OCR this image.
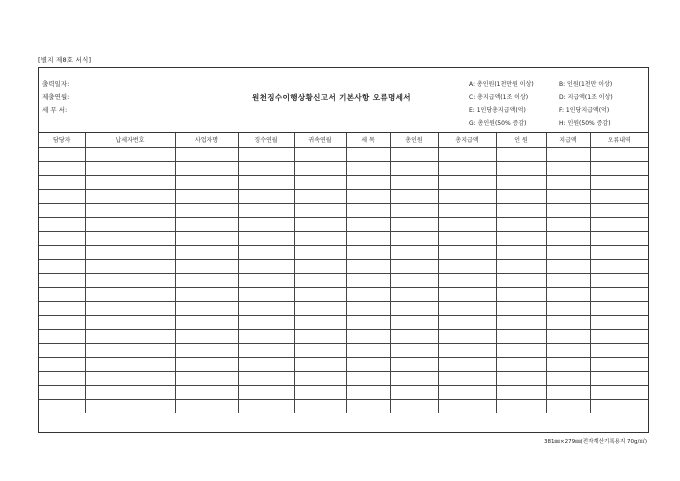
[별지 제8호 서식]
출력일자:
제출연월:
세 무 서:
원천징수이행상황신고서 기본사항 오류명세서
A: 총인원(1천만원 이상)	B: 인원(1천만 이상)
C: 총지급액(1조 이상)	D: 지급액(1조 이상)
E: 1인당총지급액(억)	F: 1인당지급액(억)
G: 총인원(50% 증감)	H: 인원(50% 증감)
담당자	납세자번호	사업자명	징수연월	귀속연월	세 목	총인원	총지급액	인 원	지급액	오류내역

381㎜×279㎜(전자계산기록용지 70g/㎡)
